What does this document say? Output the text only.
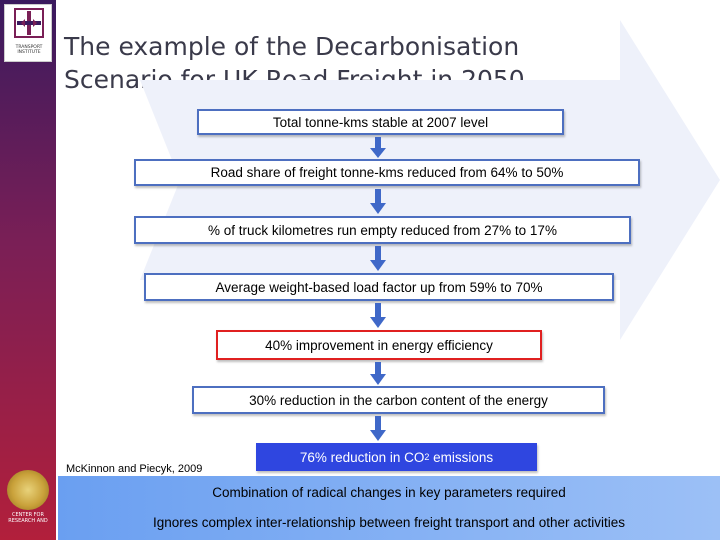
TRANSPORT INSTITUTE
CENTER FOR RESEARCH AND
The example of the Decarbonisation
Scenario for UK Road Freight in 2050
Total tonne-kms stable at 2007 level
Road share of freight tonne-kms reduced from 64% to 50%
% of truck kilometres run empty reduced from 27% to 17%
Average weight-based load factor up from 59% to 70%
40% improvement in energy efficiency
30% reduction in the carbon content of the energy
76% reduction in CO 2 emissions
McKinnon and Piecyk, 2009
Combination of radical changes in key parameters required
Ignores complex inter-relationship between freight transport and other activities
